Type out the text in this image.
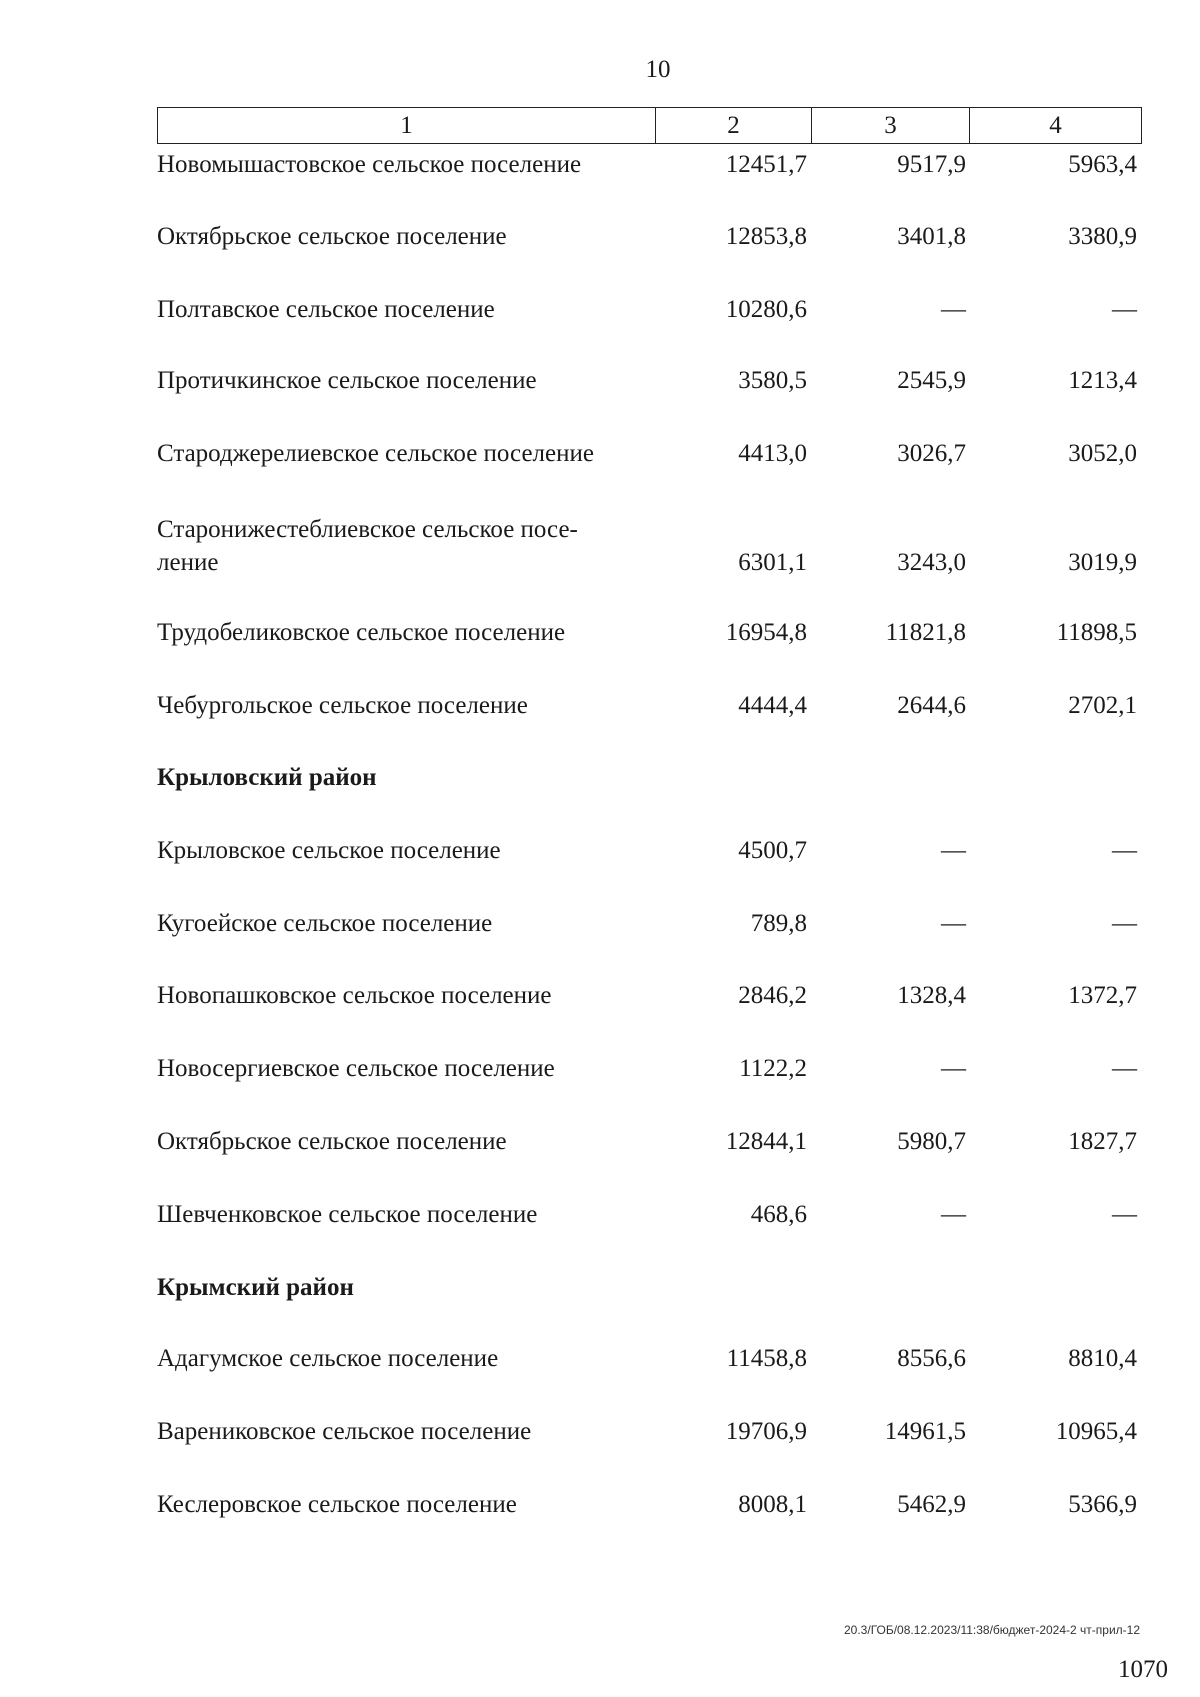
10
1	2	3	4
Новомышастовское сельское поселение	12451,7	9517,9	5963,4
Октябрьское сельское поселение	12853,8	3401,8	3380,9
Полтавское сельское поселение	10280,6	—	—
Протичкинское сельское поселение	3580,5	2545,9	1213,4
Староджерелиевское сельское поселение	4413,0	3026,7	3052,0
Старонижестеблиевское сельское посе-
ление	6301,1	3243,0	3019,9
Трудобеликовское сельское поселение	16954,8	11821,8	11898,5
Чебургольское сельское поселение	4444,4	2644,6	2702,1
Крыловский район
Крыловское сельское поселение	4500,7	—	—
Кугоейское сельское поселение	789,8	—	—
Новопашковское сельское поселение	2846,2	1328,4	1372,7
Новосергиевское сельское поселение	1122,2	—	—
Октябрьское сельское поселение	12844,1	5980,7	1827,7
Шевченковское сельское поселение	468,6	—	—
Крымский район
Адагумское сельское поселение	11458,8	8556,6	8810,4
Варениковское сельское поселение	19706,9	14961,5	10965,4
Кеслеровское сельское поселение	8008,1	5462,9	5366,9
20.3/ГОБ/08.12.2023/11:38/бюджет-2024-2 чт-прил-12
1070
